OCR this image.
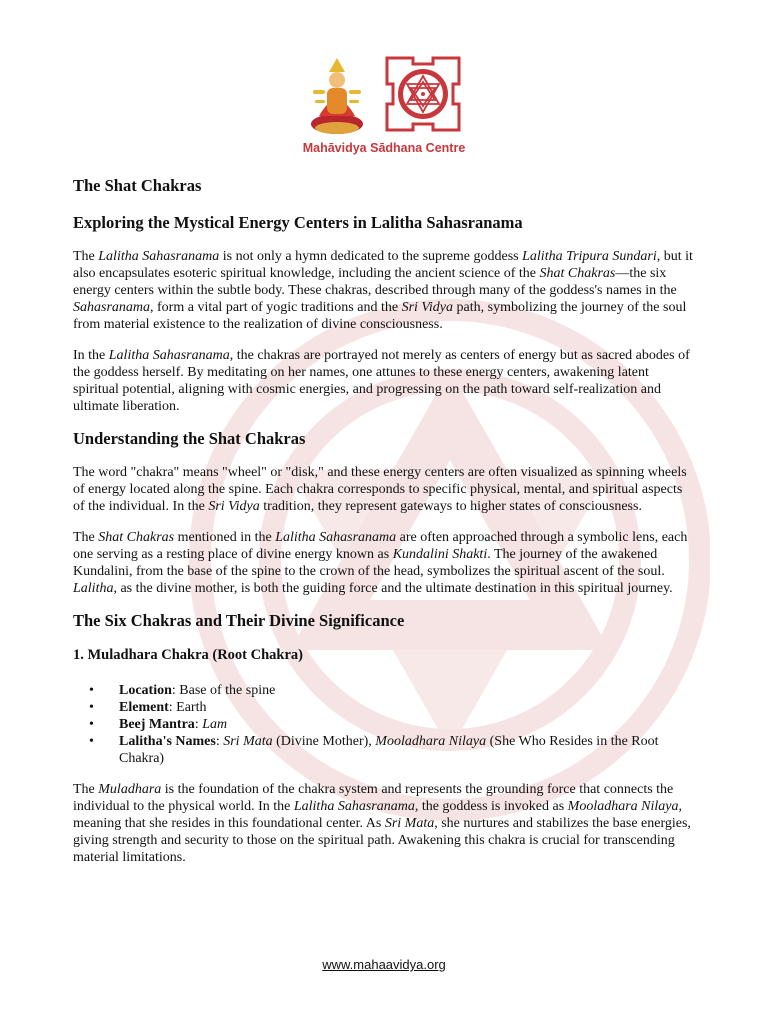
Mahāvidya Sādhana Centre
The Shat Chakras
Exploring the Mystical Energy Centers in Lalitha Sahasranama

The Lalitha Sahasranama is not only a hymn dedicated to the supreme goddess Lalitha Tripura Sundari, but it also encapsulates esoteric spiritual knowledge, including the ancient science of the Shat Chakras—the six energy centers within the subtle body. These chakras, described through many of the goddess's names in the Sahasranama, form a vital part of yogic traditions and the Sri Vidya path, symbolizing the journey of the soul from material existence to the realization of divine consciousness.

In the Lalitha Sahasranama, the chakras are portrayed not merely as centers of energy but as sacred abodes of the goddess herself. By meditating on her names, one attunes to these energy centers, awakening latent spiritual potential, aligning with cosmic energies, and progressing on the path toward self-realization and ultimate liberation.

Understanding the Shat Chakras

The word "chakra" means "wheel" or "disk," and these energy centers are often visualized as spinning wheels of energy located along the spine. Each chakra corresponds to specific physical, mental, and spiritual aspects of the individual. In the Sri Vidya tradition, they represent gateways to higher states of consciousness.

The Shat Chakras mentioned in the Lalitha Sahasranama are often approached through a symbolic lens, each one serving as a resting place of divine energy known as Kundalini Shakti. The journey of the awakened Kundalini, from the base of the spine to the crown of the head, symbolizes the spiritual ascent of the soul. Lalitha, as the divine mother, is both the guiding force and the ultimate destination in this spiritual journey.

The Six Chakras and Their Divine Significance
1. Muladhara Chakra (Root Chakra)
• Location: Base of the spine
• Element: Earth
• Beej Mantra: Lam
• Lalitha's Names: Sri Mata (Divine Mother), Mooladhara Nilaya (She Who Resides in the Root Chakra)

The Muladhara is the foundation of the chakra system and represents the grounding force that connects the individual to the physical world. In the Lalitha Sahasranama, the goddess is invoked as Mooladhara Nilaya, meaning that she resides in this foundational center. As Sri Mata, she nurtures and stabilizes the base energies, giving strength and security to those on the spiritual path. Awakening this chakra is crucial for transcending material limitations.

www.mahaavidya.org
